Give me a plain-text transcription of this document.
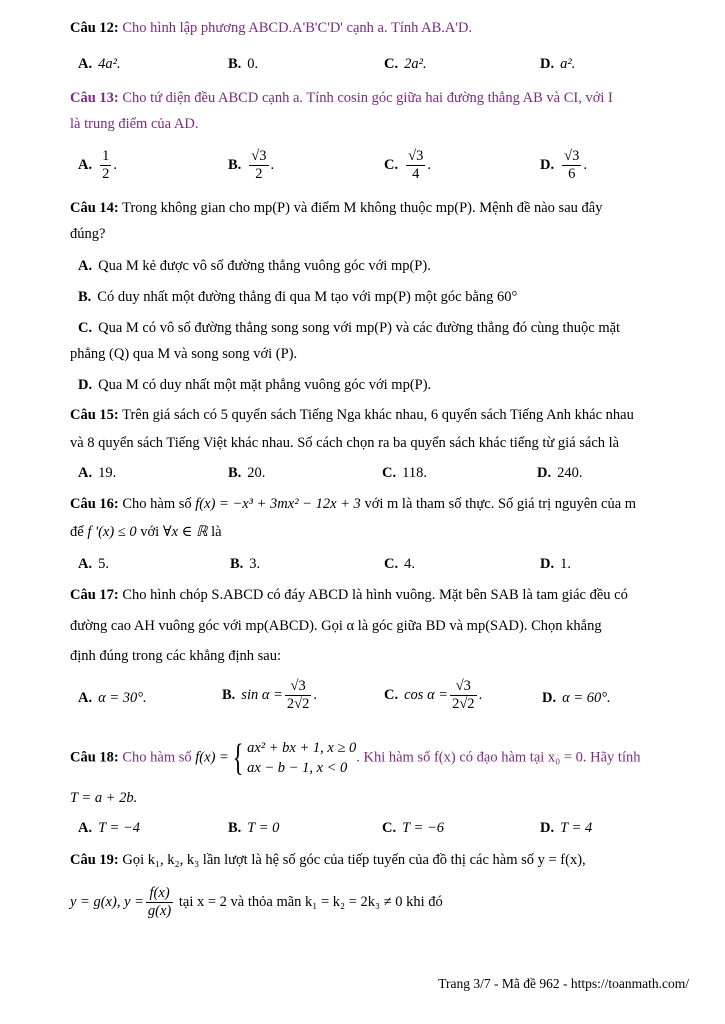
Câu 12: Cho hình lập phương ABCD.A'B'C'D' cạnh a. Tính AB.A'D.
A. 4a².	B. 0.	C. 2a².	D. a².
Câu 13: Cho tứ diện đều ABCD cạnh a. Tính cosin góc giữa hai đường thẳng AB và CI, với I
là trung điểm của AD.
A. $\frac{1}{2}$ .	B. $\frac{√3}{2}$ .	C. $\frac{√3}{4}$ .	D. $\frac{√3}{6}$ .
Câu 14: Trong không gian cho mp(P) và điểm M không thuộc mp(P). Mệnh đề nào sau đây
đúng?
A. Qua M kẻ được vô số đường thẳng vuông góc với mp(P).
B. Có duy nhất một đường thẳng đi qua M tạo với mp(P) một góc bằng 60°
C. Qua M có vô số đường thẳng song song với mp(P) và các đường thẳng đó cùng thuộc mặt
phẳng (Q) qua M và song song với (P).
D. Qua M có duy nhất một mặt phẳng vuông góc với mp(P).
Câu 15: Trên giá sách có 5 quyển sách Tiếng Nga khác nhau, 6 quyển sách Tiếng Anh khác nhau
và 8 quyển sách Tiếng Việt khác nhau. Số cách chọn ra ba quyển sách khác tiếng từ giá sách là
A. 19.	B. 20.	C. 118.	D. 240.
Câu 16: Cho hàm số f(x) = −x³ + 3mx² − 12x + 3 với m là tham số thực. Số giá trị nguyên của m
để f '(x) ≤ 0 với ∀x ∈ ℝ là
A. 5.	B. 3.	C. 4.	D. 1.
Câu 17: Cho hình chóp S.ABCD có đáy ABCD là hình vuông. Mặt bên SAB là tam giác đều có
đường cao AH vuông góc với mp(ABCD). Gọi α là góc giữa BD và mp(SAD). Chọn khẳng
định đúng trong các khẳng định sau:
A. α = 30°.	B. $\sin \alpha = \frac{√3}{2√2}$ .	C. $\cos \alpha = \frac{√3}{2√2}$ .	D. α = 60°.
Câu 18: Cho hàm số f(x) ={ ax² + bx + 1, x ≥ 0
ax − b − 1, x < 0
. Khi hàm số f(x) có đạo hàm tại x₀ = 0. Hãy tính
T = a + 2b.
A. T = −4	B. T = 0	C. T = −6	D. T = 4
Câu 19: Gọi k₁, k₂, k₃ lần lượt là hệ số góc của tiếp tuyến của đồ thị các hàm số y = f(x),
y = g(x), $y = \frac{f(x)}{g(x)}$ tại x = 2 và thỏa mãn k₁ = k₂ = 2k₃ ≠ 0 khi đó
Trang 3/7 - Mã đề 962 - https://toanmath.com/
